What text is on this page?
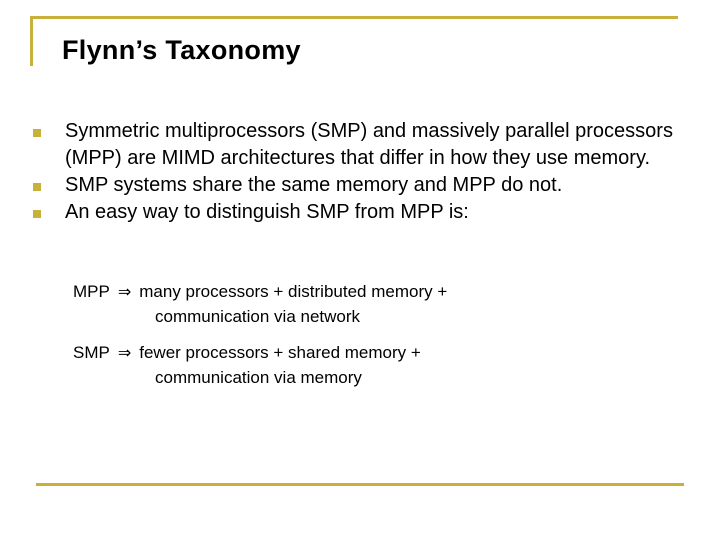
Flynn’s Taxonomy
Symmetric multiprocessors (SMP) and massively parallel processors (MPP) are MIMD architectures that differ in how they use memory.
SMP systems share the same memory and MPP do not.
An easy way to distinguish SMP from MPP is:
MPP ⇒ many processors + distributed memory +
communication via network
SMP ⇒ fewer processors + shared memory +
communication via memory
